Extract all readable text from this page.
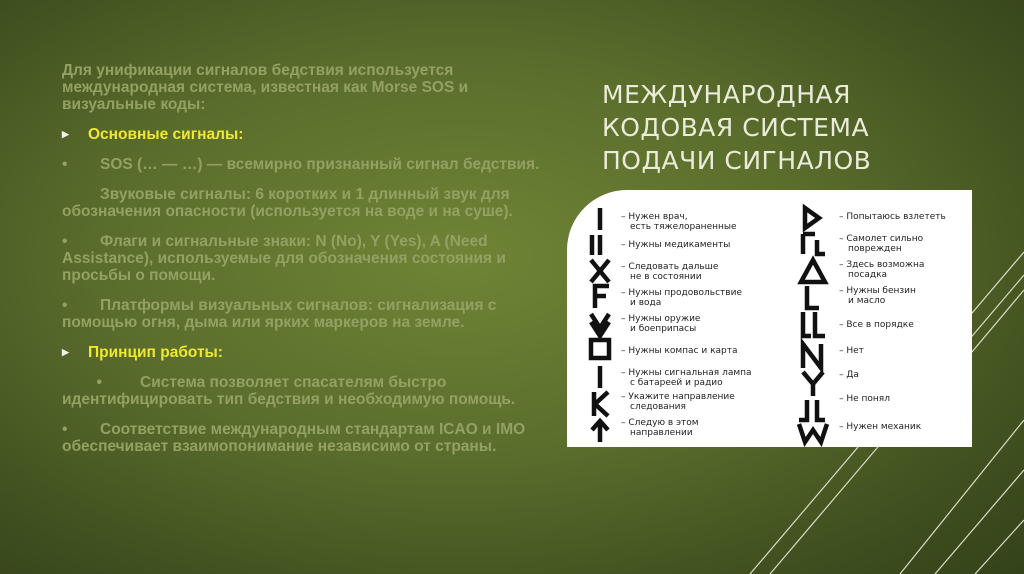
МЕЖДУНАРОДНАЯ
КОДОВАЯ СИСТЕМА
ПОДАЧИ СИГНАЛОВ
Для унификации сигналов бедствия используется международная система, известная как Morse SOS и визуальные коды:
▶ Основные сигналы:
• SOS (… — …) — всемирно признанный сигнал бедствия.
Звуковые сигналы: 6 коротких и 1 длинный звук для обозначения опасности (используется на воде и на суше).
• Флаги и сигнальные знаки: N (No), Y (Yes), A (Need Assistance), используемые для обозначения состояния и просьбы о помощи.
• Платформы визуальных сигналов: сигнализация с помощью огня, дыма или ярких маркеров на земле.
▶ Принцип работы:
• Система позволяет спасателям быстро идентифицировать тип бедствия и необходимую помощь.
• Соответствие международным стандартам ICAO и IMO обеспечивает взаимопонимание независимо от страны.
– Нужен врач,
есть тяжелораненные
– Нужны медикаменты
– Следовать дальше
не в состоянии
– Нужны продовольствие
и вода
– Нужны оружие
и боеприпасы
– Нужны компас и карта
– Нужны сигнальная лампа
с батареей и радио
– Укажите направление
следования
– Следую в этом
направлении
– Попытаюсь взлететь
– Самолет сильно
поврежден
– Здесь возможна
посадка
– Нужны бензин
и масло
– Все в порядке
– Нет
– Да
– Не понял
– Нужен механик
